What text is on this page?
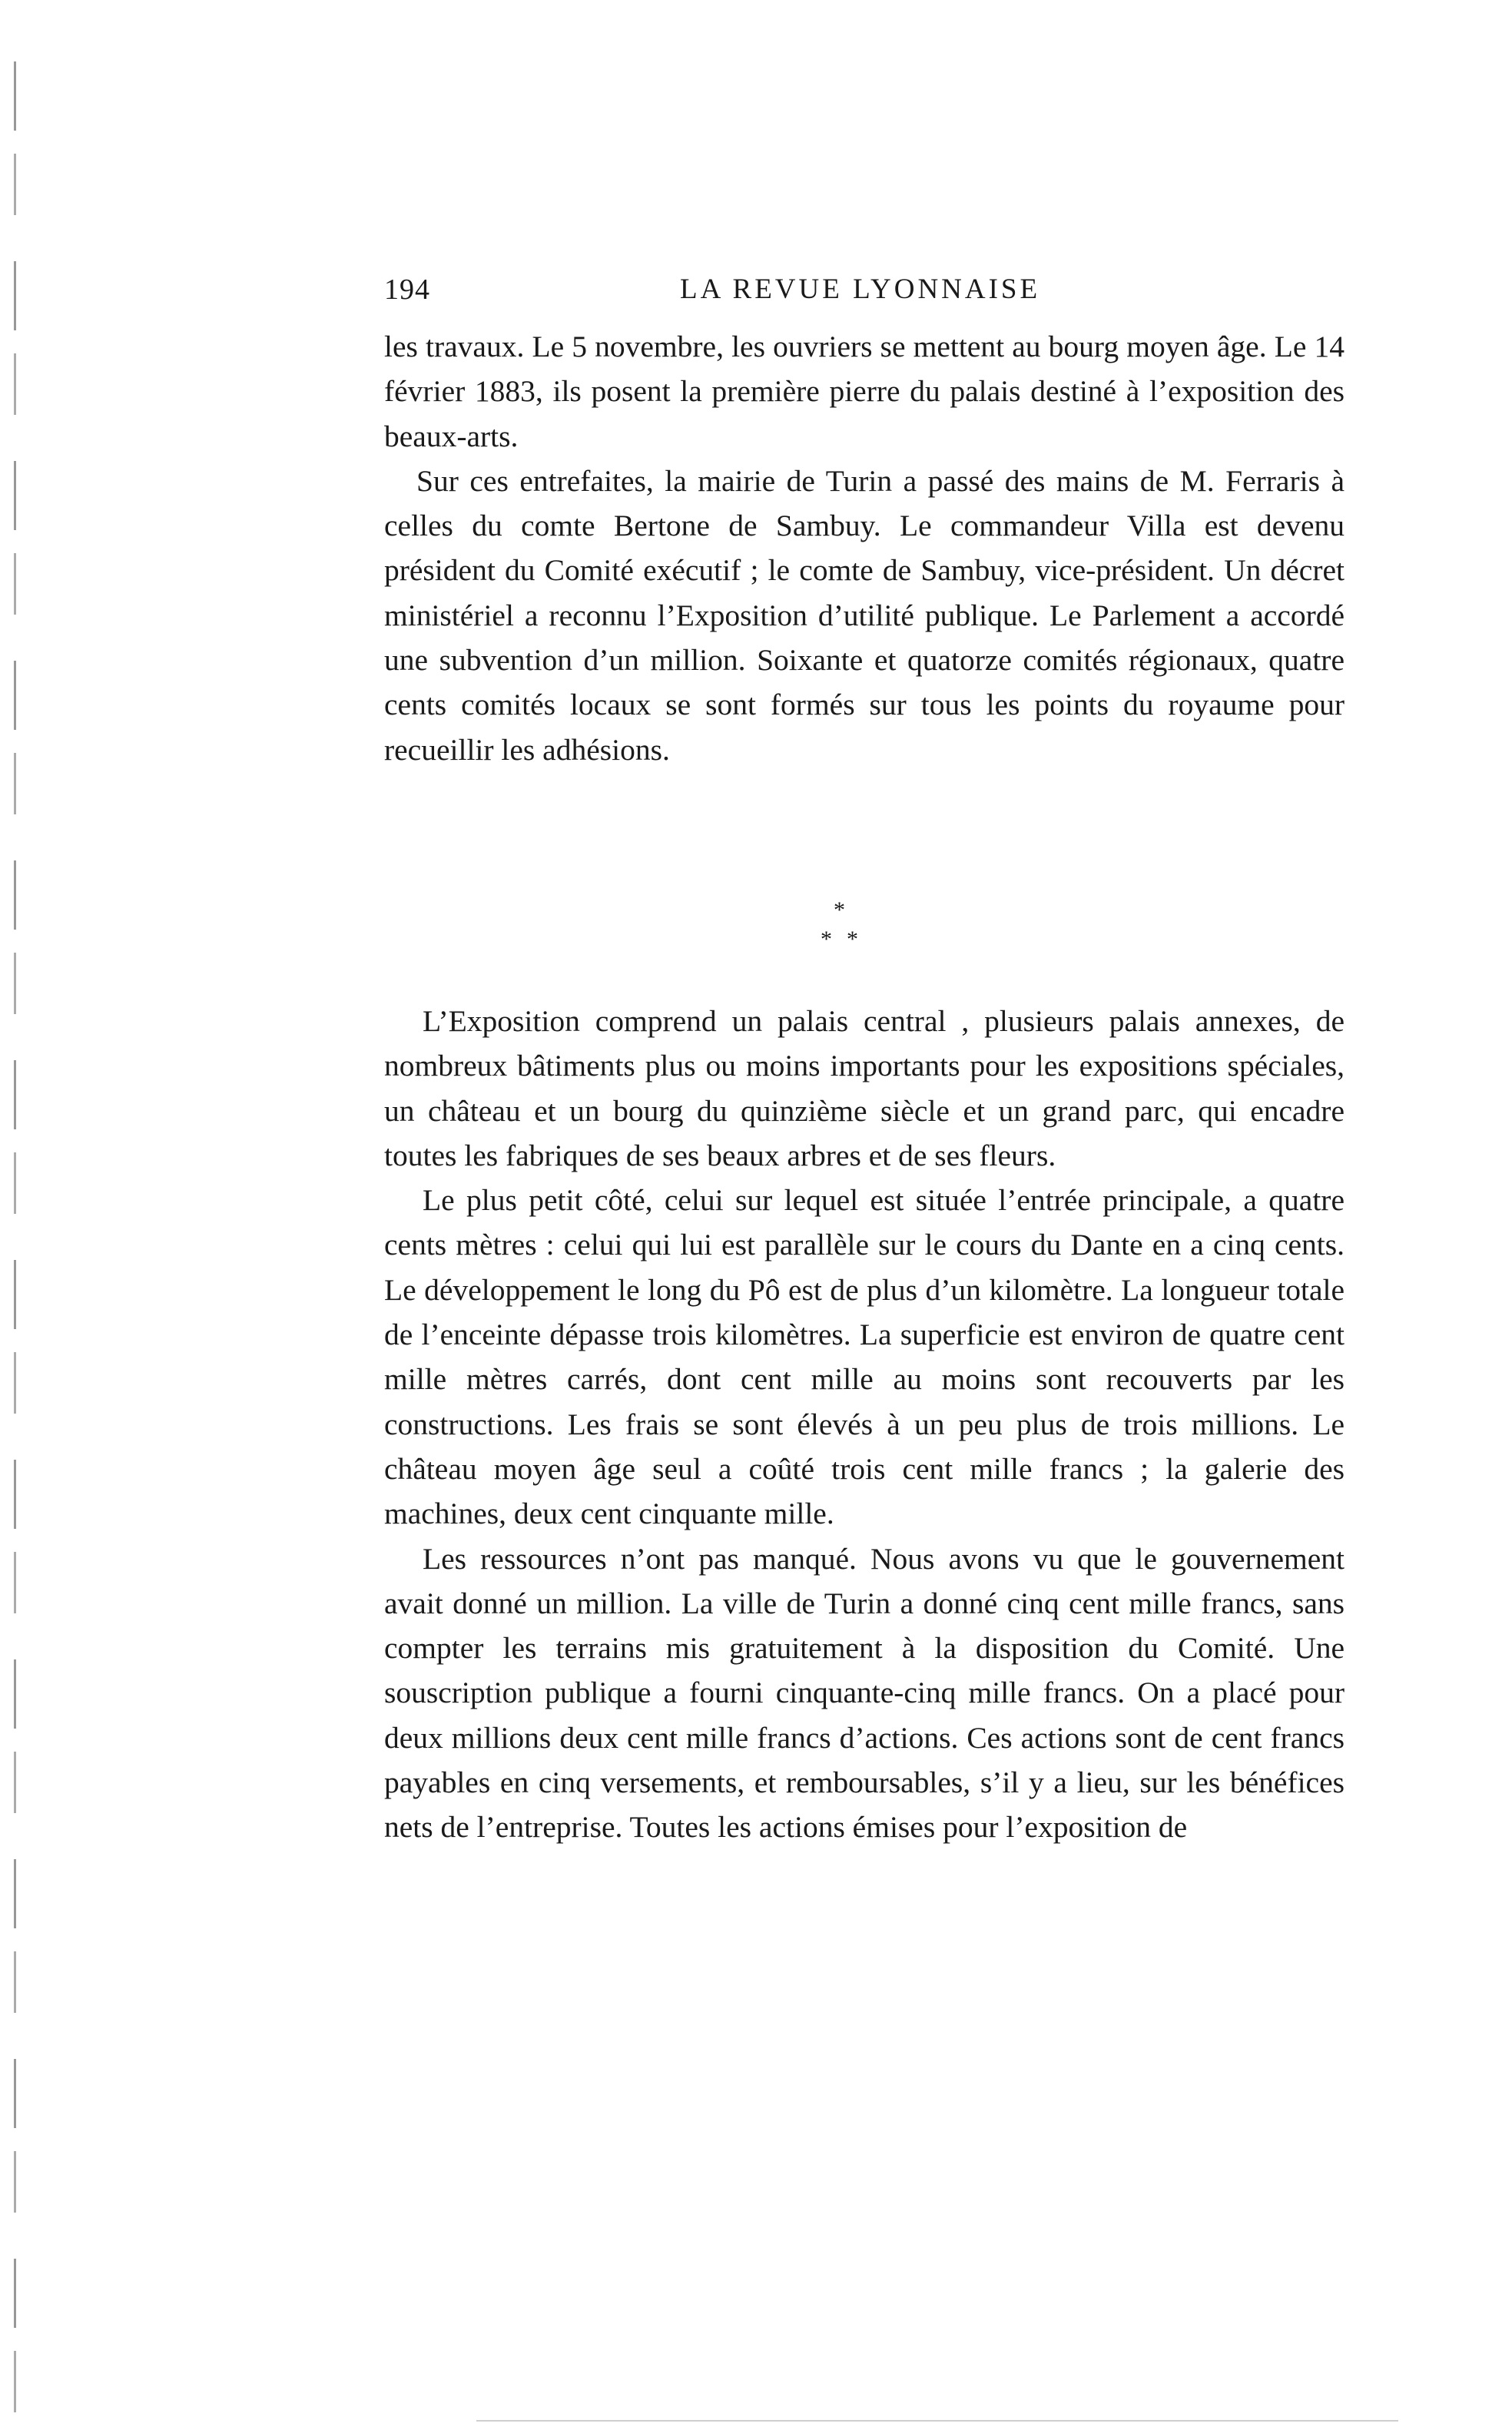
194	LA REVUE LYONNAISE

les travaux. Le 5 novembre, les ouvriers se mettent au bourg moyen âge. Le 14 février 1883, ils posent la première pierre du palais destiné à l’exposition des beaux-arts.

Sur ces entrefaites, la mairie de Turin a passé des mains de M. Ferraris à celles du comte Bertone de Sambuy. Le commandeur Villa est devenu président du Comité exécutif ; le comte de Sambuy, vice-président. Un décret ministériel a reconnu l’Exposition d’utilité publique. Le Parlement a accordé une subvention d’un million. Soixante et quatorze comités régionaux, quatre cents comités locaux se sont formés sur tous les points du royaume pour recueillir les adhésions.

*
* *

L’Exposition comprend un palais central , plusieurs palais annexes, de nombreux bâtiments plus ou moins importants pour les expositions spéciales, un château et un bourg du quinzième siècle et un grand parc, qui encadre toutes les fabriques de ses beaux arbres et de ses fleurs.

Le plus petit côté, celui sur lequel est située l’entrée principale, a quatre cents mètres : celui qui lui est parallèle sur le cours du Dante en a cinq cents. Le développement le long du Pô est de plus d’un kilomètre. La longueur totale de l’enceinte dépasse trois kilomètres. La superficie est environ de quatre cent mille mètres carrés, dont cent mille au moins sont recouverts par les constructions. Les frais se sont élevés à un peu plus de trois millions. Le château moyen âge seul a coûté trois cent mille francs ; la galerie des machines, deux cent cinquante mille.

Les ressources n’ont pas manqué. Nous avons vu que le gouvernement avait donné un million. La ville de Turin a donné cinq cent mille francs, sans compter les terrains mis gratuitement à la disposition du Comité. Une souscription publique a fourni cinquante-cinq mille francs. On a placé pour deux millions deux cent mille francs d’actions. Ces actions sont de cent francs payables en cinq versements, et remboursables, s’il y a lieu, sur les bénéfices nets de l’entreprise. Toutes les actions émises pour l’exposition de
